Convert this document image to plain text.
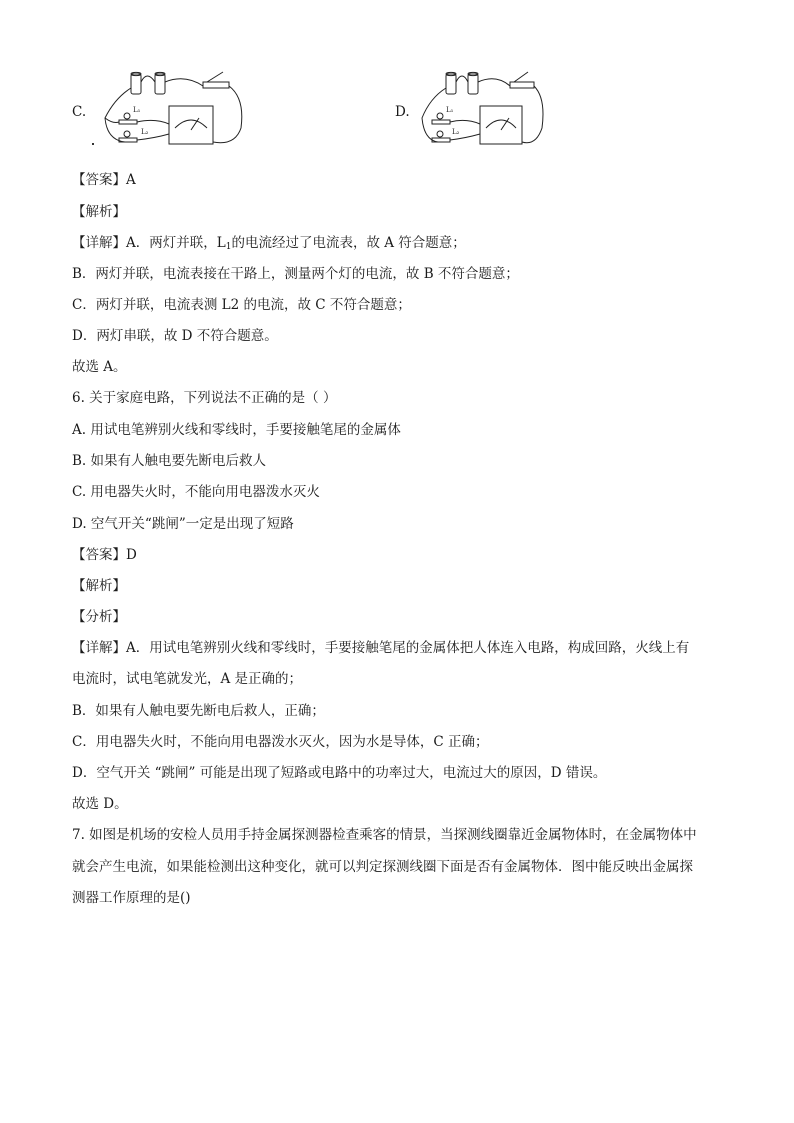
C.	L₁
L₂
D.	L₁
L₂
【答案】A
【解析】
【详解】A．两灯并联，$L_1$的电流经过了电流表，故 A 符合题意；
B．两灯并联，电流表接在干路上，测量两个灯的电流，故 B 不符合题意；
C．两灯并联，电流表测 L2 的电流，故 C 不符合题意；
D．两灯串联，故 D 不符合题意。
故选 A。
6. 关于家庭电路，下列说法不正确的是（ ）
A. 用试电笔辨别火线和零线时，手要接触笔尾的金属体
B. 如果有人触电要先断电后救人
C. 用电器失火时，不能向用电器泼水灭火
D. 空气开关“跳闸”一定是出现了短路
【答案】D
【解析】
【分析】
【详解】A．用试电笔辨别火线和零线时，手要接触笔尾的金属体把人体连入电路，构成回路，火线上有
电流时，试电笔就发光，A 是正确的；
B．如果有人触电要先断电后救人，正确；
C．用电器失火时，不能向用电器泼水灭火，因为水是导体，C 正确；
D．空气开关 “跳闸” 可能是出现了短路或电路中的功率过大，电流过大的原因，D 错误。
故选 D。
7. 如图是机场的安检人员用手持金属探测器检查乘客的情景，当探测线圈靠近金属物体时，在金属物体中
就会产生电流，如果能检测出这种变化，就可以判定探测线圈下面是否有金属物体．图中能反映出金属探
测器工作原理的是()
